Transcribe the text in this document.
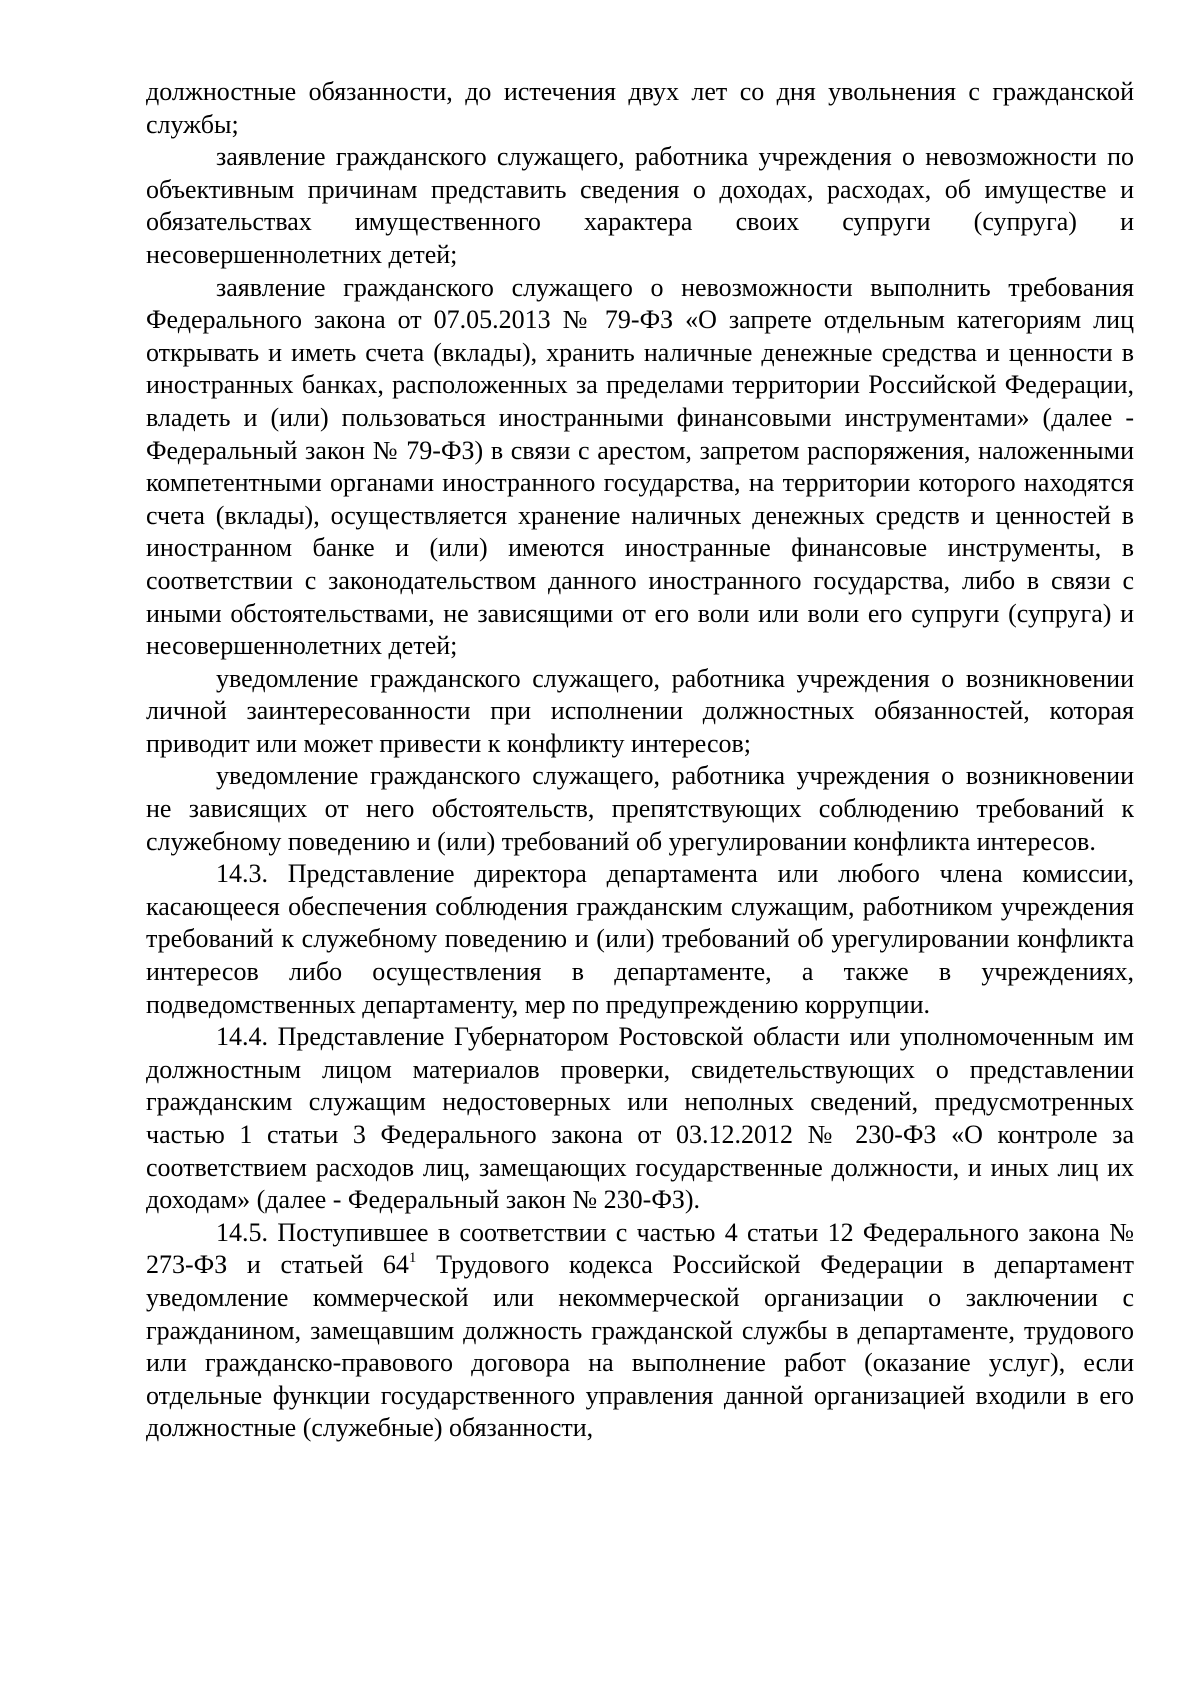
должностные обязанности, до истечения двух лет со дня увольнения с гражданской службы;

заявление гражданского служащего, работника учреждения о невозможности по объективным причинам представить сведения о доходах, расходах, об имуществе и обязательствах имущественного характера своих супруги (супруга) и несовершеннолетних детей;

заявление гражданского служащего о невозможности выполнить требования Федерального закона от 07.05.2013 № 79-ФЗ «О запрете отдельным категориям лиц открывать и иметь счета (вклады), хранить наличные денежные средства и ценности в иностранных банках, расположенных за пределами территории Российской Федерации, владеть и (или) пользоваться иностранными финансовыми инструментами» (далее - Федеральный закон № 79-ФЗ) в связи с арестом, запретом распоряжения, наложенными компетентными органами иностранного государства, на территории которого находятся счета (вклады), осуществляется хранение наличных денежных средств и ценностей в иностранном банке и (или) имеются иностранные финансовые инструменты, в соответствии с законодательством данного иностранного государства, либо в связи с иными обстоятельствами, не зависящими от его воли или воли его супруги (супруга) и несовершеннолетних детей;

уведомление гражданского служащего, работника учреждения о возникновении личной заинтересованности при исполнении должностных обязанностей, которая приводит или может привести к конфликту интересов;

уведомление гражданского служащего, работника учреждения о возникновении не зависящих от него обстоятельств, препятствующих соблюдению требований к служебному поведению и (или) требований об урегулировании конфликта интересов.

14.3. Представление директора департамента или любого члена комиссии, касающееся обеспечения соблюдения гражданским служащим, работником учреждения требований к служебному поведению и (или) требований об урегулировании конфликта интересов либо осуществления в департаменте, а также в учреждениях, подведомственных департаменту, мер по предупреждению коррупции.

14.4. Представление Губернатором Ростовской области или уполномоченным им должностным лицом материалов проверки, свидетельствующих о представлении гражданским служащим недостоверных или неполных сведений, предусмотренных частью 1 статьи 3 Федерального закона от 03.12.2012 № 230-ФЗ «О контроле за соответствием расходов лиц, замещающих государственные должности, и иных лиц их доходам» (далее - Федеральный закон № 230-ФЗ).

14.5. Поступившее в соответствии с частью 4 статьи 12 Федерального закона № 273-ФЗ и статьей $64^1$ Трудового кодекса Российской Федерации в департамент уведомление коммерческой или некоммерческой организации о заключении с гражданином, замещавшим должность гражданской службы в департаменте, трудового или гражданско-правового договора на выполнение работ (оказание услуг), если отдельные функции государственного управления данной организацией входили в его должностные (служебные) обязанности,
